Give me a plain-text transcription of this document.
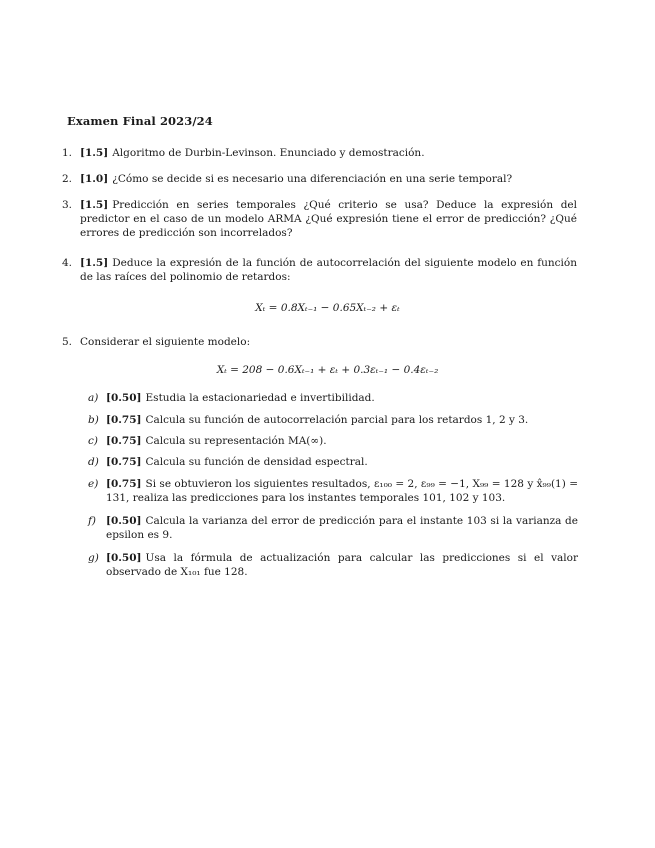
Examen Final 2023/24
1. [1.5] Algoritmo de Durbin-Levinson. Enunciado y demostración.
2. [1.0] ¿Cómo se decide si es necesario una diferenciación en una serie temporal?
3. [1.5] Predicción en series temporales ¿Qué criterio se usa? Deduce la expresión del predictor en el caso de un modelo ARMA ¿Qué expresión tiene el error de predicción? ¿Qué errores de predicción son incorrelados?
4. [1.5] Deduce la expresión de la función de autocorrelación del siguiente modelo en función de las raíces del polinomio de retardos:
Xₜ = 0.8Xₜ₋₁ − 0.65Xₜ₋₂ + εₜ
5. Considerar el siguiente modelo:
Xₜ = 208 − 0.6Xₜ₋₁ + εₜ + 0.3εₜ₋₁ − 0.4εₜ₋₂
a) [0.50] Estudia la estacionariedad e invertibilidad.
b) [0.75] Calcula su función de autocorrelación parcial para los retardos 1, 2 y 3.
c) [0.75] Calcula su representación MA(∞).
d) [0.75] Calcula su función de densidad espectral.
e) [0.75] Si se obtuvieron los siguientes resultados, ε₁₀₀ = 2, ε₉₉ = −1, X₉₉ = 128 y x̂₉₉(1) = 131, realiza las predicciones para los instantes temporales 101, 102 y 103.
f) [0.50] Calcula la varianza del error de predicción para el instante 103 si la varianza de epsilon es 9.
g) [0.50] Usa la fórmula de actualización para calcular las predicciones si el valor observado de X₁₀₁ fue 128.
